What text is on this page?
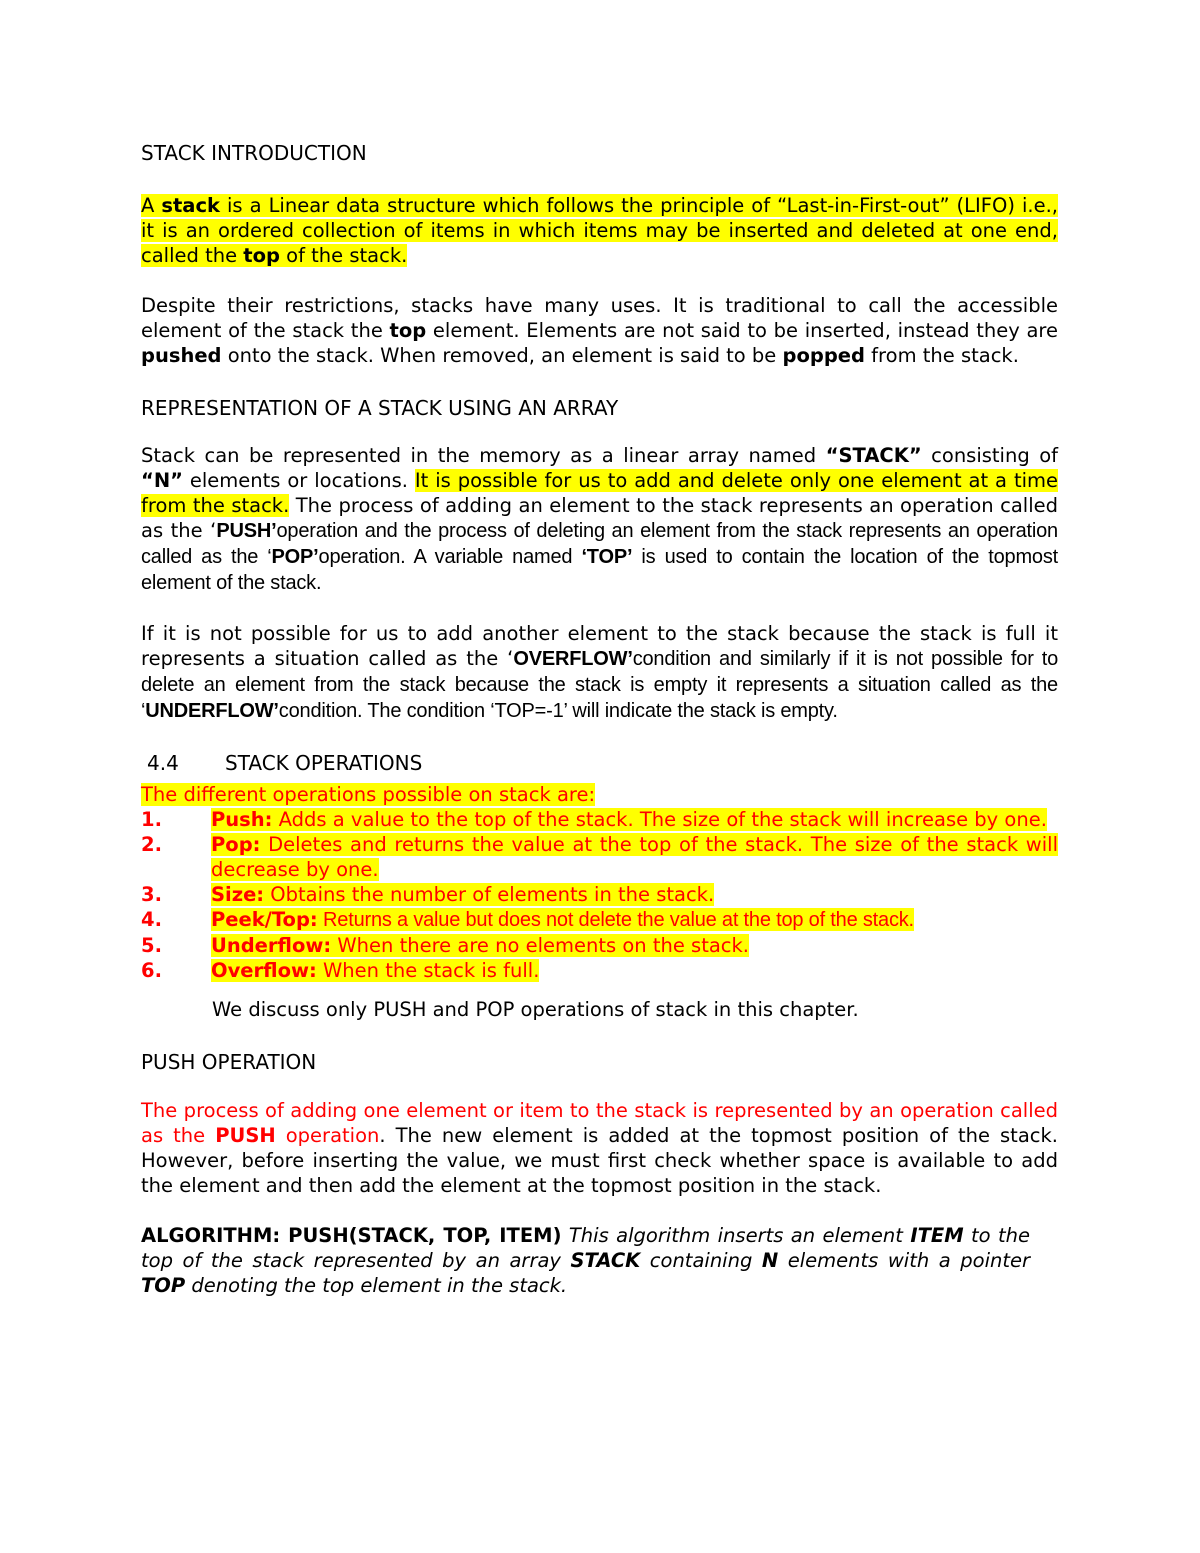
STACK INTRODUCTION

A stack is a Linear data structure which follows the principle of “Last-in-First-out” (LIFO) i.e., it is an ordered collection of items in which items may be inserted and deleted at one end, called the top of the stack.

Despite their restrictions, stacks have many uses. It is traditional to call the accessible element of the stack the top element. Elements are not said to be inserted, instead they are pushed onto the stack. When removed, an element is said to be popped from the stack.

REPRESENTATION OF A STACK USING AN ARRAY

Stack can be represented in the memory as a linear array named “STACK” consisting of “N” elements or locations. It is possible for us to add and delete only one element at a time from the stack. The process of adding an element to the stack represents an operation called as the ‘PUSH’operation and the process of deleting an element from the stack represents an operation called as the ‘POP’operation. A variable named ‘TOP’ is used to contain the location of the topmost element of the stack.

If it is not possible for us to add another element to the stack because the stack is full it represents a situation called as the ‘OVERFLOW’condition and similarly if it is not possible for to delete an element from the stack because the stack is empty it represents a situation called as the ‘UNDERFLOW’condition. The condition ‘TOP=-1’ will indicate the stack is empty.

4.4 STACK OPERATIONS

The different operations possible on stack are:

1.	Push: Adds a value to the top of the stack. The size of the stack will increase by one.
2.	Pop: Deletes and returns the value at the top of the stack. The size of the stack will decrease by one.
3.	Size: Obtains the number of elements in the stack.
4.	Peek/Top: Returns a value but does not delete the value at the top of the stack.
5.	Underflow: When there are no elements on the stack.
6.	Overflow: When the stack is full.

We discuss only PUSH and POP operations of stack in this chapter.

PUSH OPERATION

The process of adding one element or item to the stack is represented by an operation called as the PUSH operation. The new element is added at the topmost position of the stack. However, before inserting the value, we must first check whether space is available to add the element and then add the element at the topmost position in the stack.

ALGORITHM: PUSH(STACK, TOP, ITEM) This algorithm inserts an element ITEM to the top of the stack represented by an array STACK containing N elements with a pointer TOP denoting the top element in the stack.
